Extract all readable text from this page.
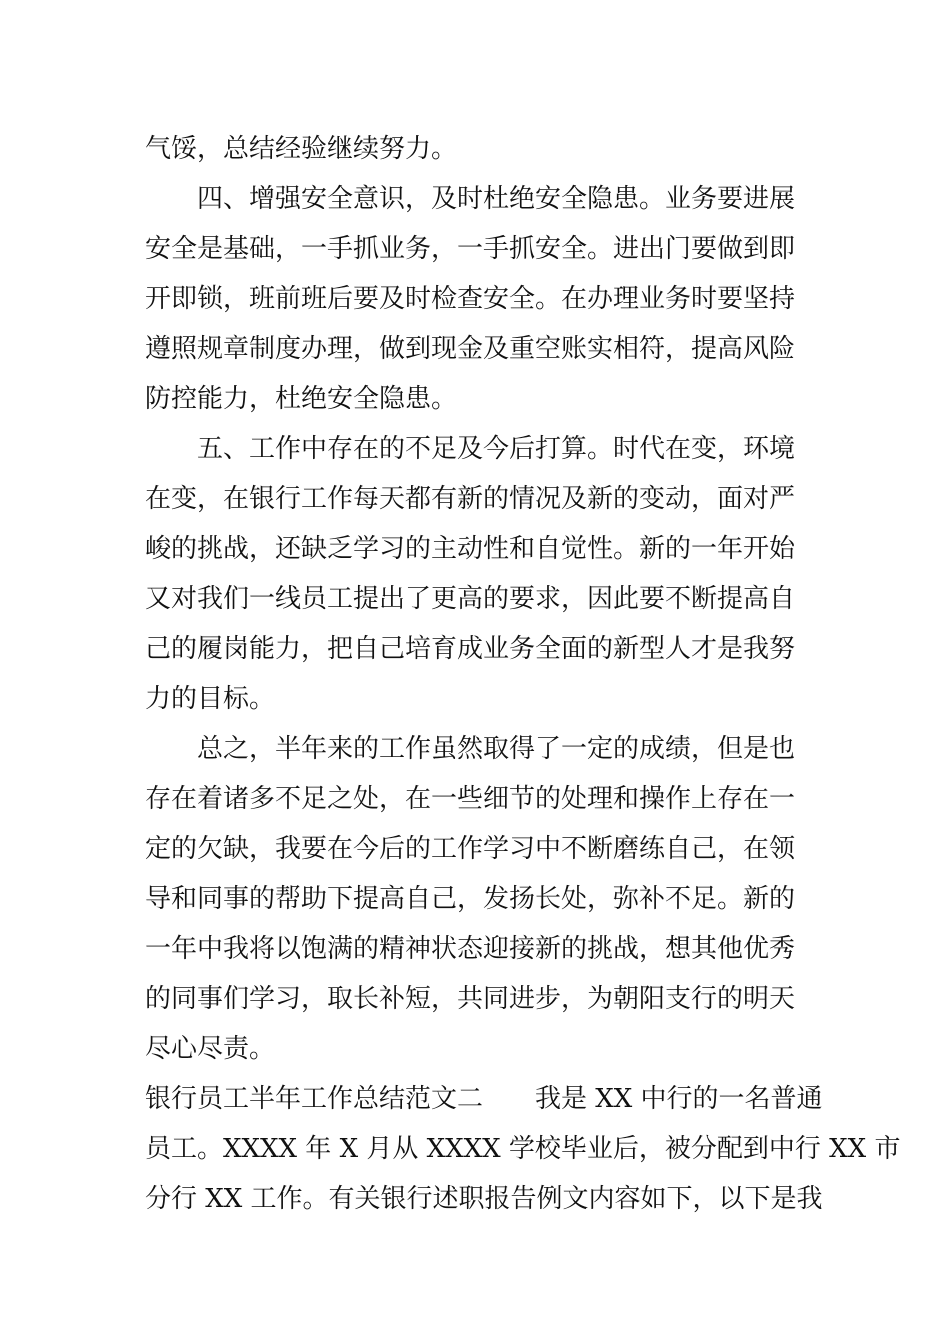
气馁，总结经验继续努力。
四、增强安全意识，及时杜绝安全隐患。业务要进展
安全是基础，一手抓业务，一手抓安全。进出门要做到即
开即锁，班前班后要及时检查安全。在办理业务时要坚持
遵照规章制度办理，做到现金及重空账实相符，提高风险
防控能力，杜绝安全隐患。
五、工作中存在的不足及今后打算。时代在变，环境
在变，在银行工作每天都有新的情况及新的变动，面对严
峻的挑战，还缺乏学习的主动性和自觉性。新的一年开始
又对我们一线员工提出了更高的要求，因此要不断提高自
己的履岗能力，把自己培育成业务全面的新型人才是我努
力的目标。
总之，半年来的工作虽然取得了一定的成绩，但是也
存在着诸多不足之处，在一些细节的处理和操作上存在一
定的欠缺，我要在今后的工作学习中不断磨练自己，在领
导和同事的帮助下提高自己，发扬长处，弥补不足。新的
一年中我将以饱满的精神状态迎接新的挑战，想其他优秀
的同事们学习，取长补短，共同进步，为朝阳支行的明天
尽心尽责。
银行员工半年工作总结范文二　　我是 XX 中行的一名普通
员工。XXXX 年 X 月从 XXXX 学校毕业后，被分配到中行 XX 市
分行 XX 工作。有关银行述职报告例文内容如下，以下是我
